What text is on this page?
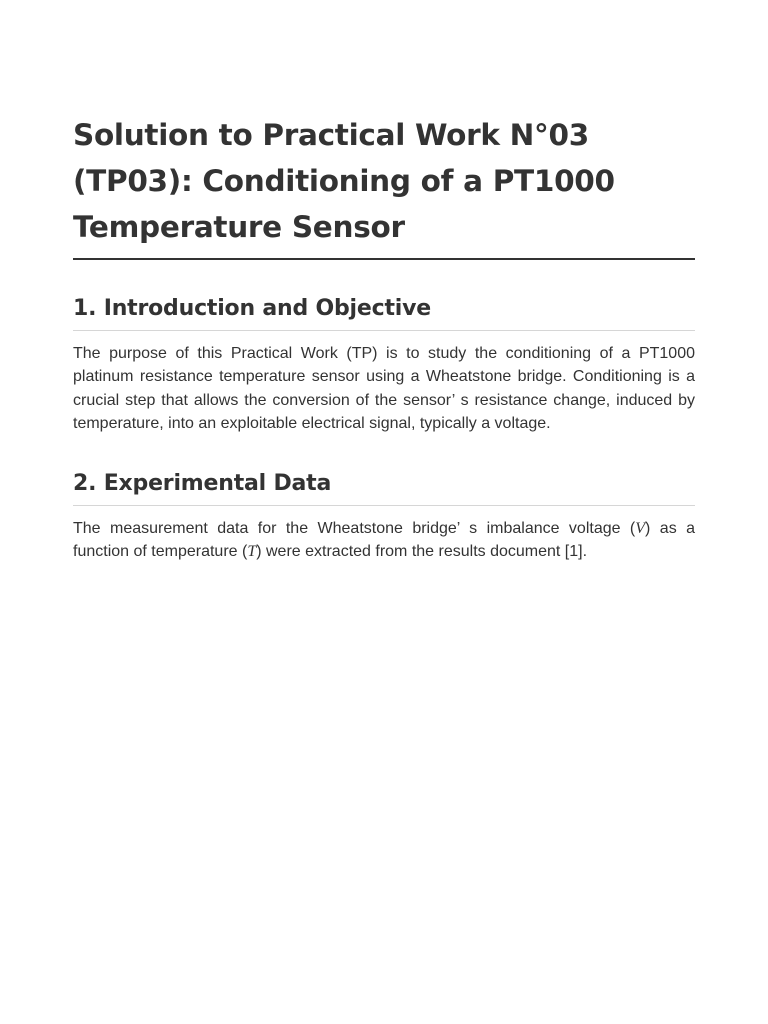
Solution to Practical Work N°03 (TP03): Conditioning of a PT1000 Temperature Sensor
1. Introduction and Objective

The purpose of this Practical Work (TP) is to study the conditioning of a PT1000 platinum resistance temperature sensor using a Wheatstone bridge. Conditioning is a crucial step that allows the conversion of the sensor’ s resistance change, induced by temperature, into an exploitable electrical signal, typically a voltage.

2. Experimental Data

The measurement data for the Wheatstone bridge’ s imbalance voltage (V) as a function of temperature (T) were extracted from the results document [1].
